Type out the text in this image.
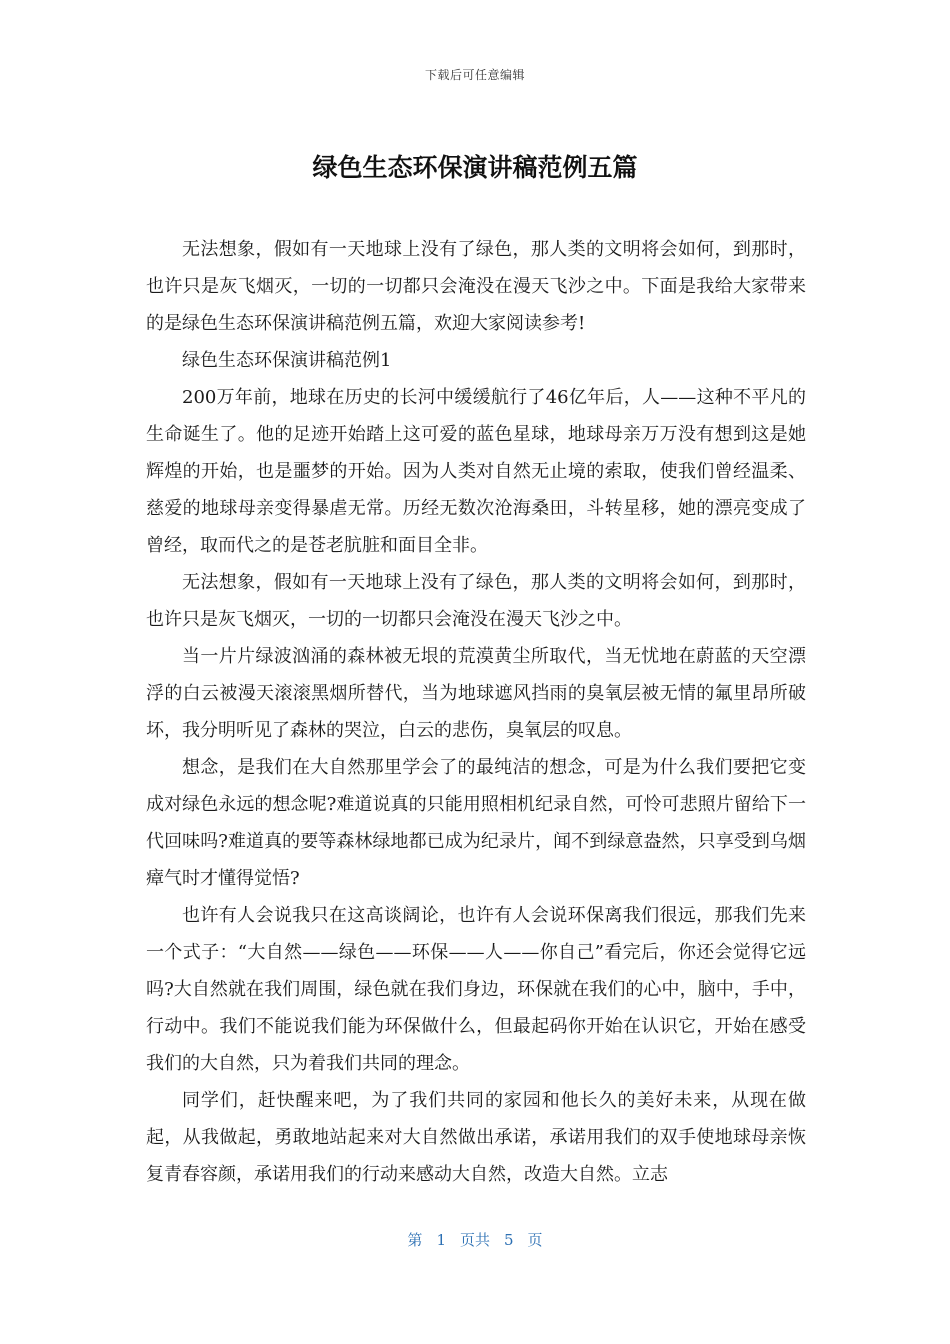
下载后可任意编辑
绿色生态环保演讲稿范例五篇

无法想象，假如有一天地球上没有了绿色，那人类的文明将会如何，到那时，也许只是灰飞烟灭，一切的一切都只会淹没在漫天飞沙之中。下面是我给大家带来的是绿色生态环保演讲稿范例五篇，欢迎大家阅读参考!

绿色生态环保演讲稿范例1

200万年前，地球在历史的长河中缓缓航行了46亿年后，人——这种不平凡的生命诞生了。他的足迹开始踏上这可爱的蓝色星球，地球母亲万万没有想到这是她辉煌的开始，也是噩梦的开始。因为人类对自然无止境的索取，使我们曾经温柔、慈爱的地球母亲变得暴虐无常。历经无数次沧海桑田，斗转星移，她的漂亮变成了曾经，取而代之的是苍老肮脏和面目全非。

无法想象，假如有一天地球上没有了绿色，那人类的文明将会如何，到那时，也许只是灰飞烟灭，一切的一切都只会淹没在漫天飞沙之中。

当一片片绿波汹涌的森林被无垠的荒漠黄尘所取代，当无忧地在蔚蓝的天空漂浮的白云被漫天滚滚黑烟所替代，当为地球遮风挡雨的臭氧层被无情的氟里昂所破坏，我分明听见了森林的哭泣，白云的悲伤，臭氧层的叹息。

想念，是我们在大自然那里学会了的最纯洁的想念，可是为什么我们要把它变成对绿色永远的想念呢?难道说真的只能用照相机纪录自然，可怜可悲照片留给下一代回味吗?难道真的要等森林绿地都已成为纪录片，闻不到绿意盎然，只享受到乌烟瘴气时才懂得觉悟?

也许有人会说我只在这高谈阔论，也许有人会说环保离我们很远，那我们先来一个式子：“大自然——绿色——环保——人——你自己”看完后，你还会觉得它远吗?大自然就在我们周围，绿色就在我们身边，环保就在我们的心中，脑中，手中，行动中。我们不能说我们能为环保做什么，但最起码你开始在认识它，开始在感受我们的大自然，只为着我们共同的理念。

同学们，赶快醒来吧，为了我们共同的家园和他长久的美好未来，从现在做起，从我做起，勇敢地站起来对大自然做出承诺，承诺用我们的双手使地球母亲恢复青春容颜，承诺用我们的行动来感动大自然，改造大自然。立志

第 1 页共 5 页
